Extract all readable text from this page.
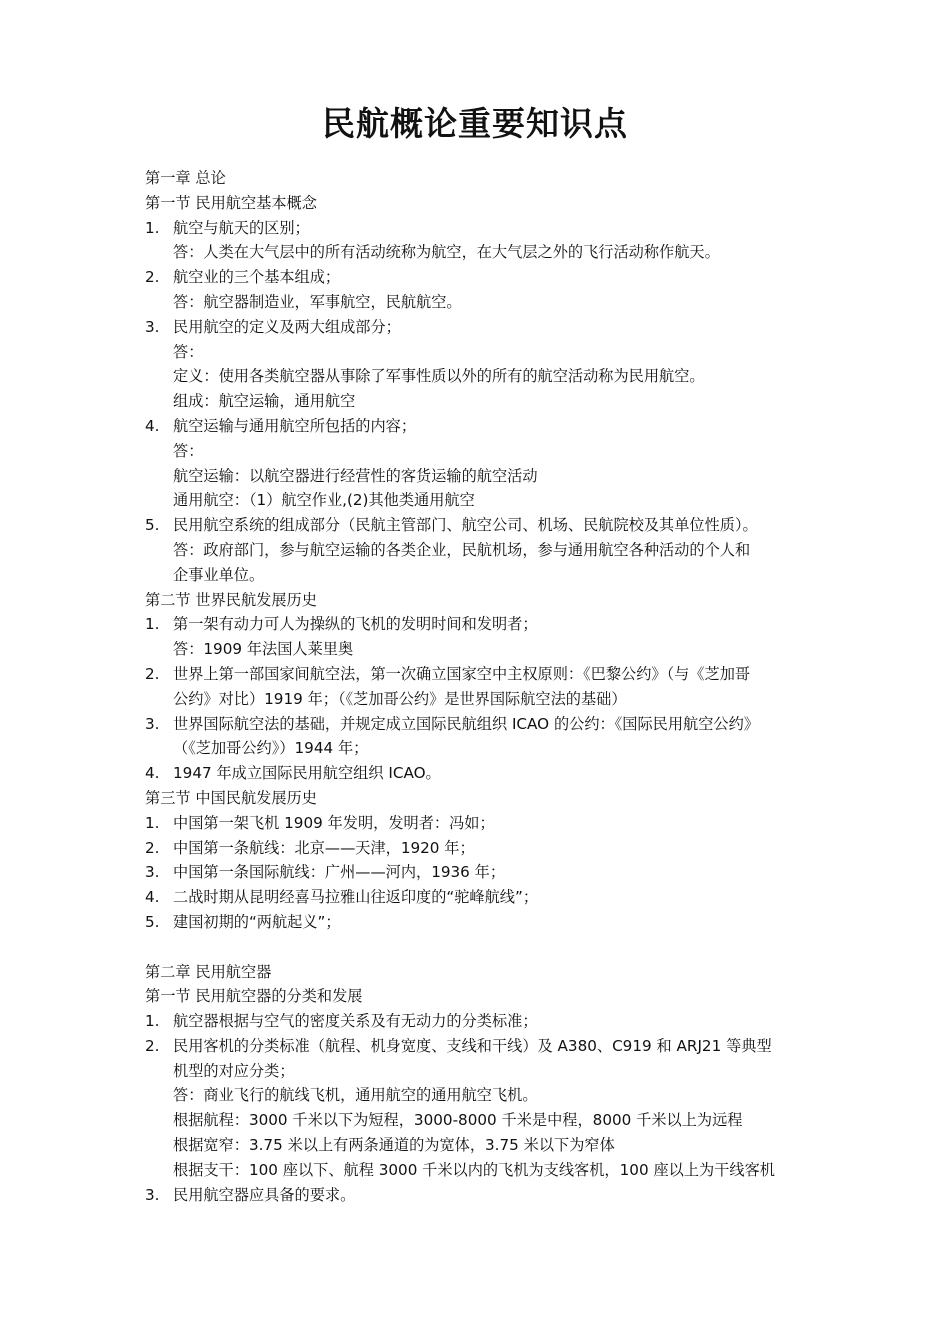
民航概论重要知识点
第一章 总论
第一节 民用航空基本概念
1. 航空与航天的区别；
答：人类在大气层中的所有活动统称为航空，在大气层之外的飞行活动称作航天。
2. 航空业的三个基本组成；
答：航空器制造业，军事航空，民航航空。
3. 民用航空的定义及两大组成部分；
答：
定义：使用各类航空器从事除了军事性质以外的所有的航空活动称为民用航空。
组成：航空运输，通用航空
4. 航空运输与通用航空所包括的内容；
答：
航空运输：以航空器进行经营性的客货运输的航空活动
通用航空：（1）航空作业,(2)其他类通用航空
5. 民用航空系统的组成部分（民航主管部门、航空公司、机场、民航院校及其单位性质）。
答：政府部门，参与航空运输的各类企业，民航机场，参与通用航空各种活动的个人和
企事业单位。
第二节 世界民航发展历史
1. 第一架有动力可人为操纵的飞机的发明时间和发明者；
答：1909 年法国人莱里奥
2. 世界上第一部国家间航空法，第一次确立国家空中主权原则：《巴黎公约》（与《芝加哥
公约》对比）1919 年；（《芝加哥公约》是世界国际航空法的基础）
3. 世界国际航空法的基础，并规定成立国际民航组织 ICAO 的公约：《国际民用航空公约》
（《芝加哥公约》）1944 年；
4. 1947 年成立国际民用航空组织 ICAO。
第三节 中国民航发展历史
1. 中国第一架飞机 1909 年发明，发明者：冯如；
2. 中国第一条航线：北京——天津，1920 年；
3. 中国第一条国际航线：广州——河内，1936 年；
4. 二战时期从昆明经喜马拉雅山往返印度的“驼峰航线”；
5. 建国初期的“两航起义”；
第二章 民用航空器
第一节 民用航空器的分类和发展
1. 航空器根据与空气的密度关系及有无动力的分类标准；
2. 民用客机的分类标准（航程、机身宽度、支线和干线）及 A380、C919 和 ARJ21 等典型
机型的对应分类；
答：商业飞行的航线飞机，通用航空的通用航空飞机。
根据航程：3000 千米以下为短程，3000-8000 千米是中程，8000 千米以上为远程
根据宽窄：3.75 米以上有两条通道的为宽体，3.75 米以下为窄体
根据支干：100 座以下、航程 3000 千米以内的飞机为支线客机，100 座以上为干线客机
3. 民用航空器应具备的要求。
